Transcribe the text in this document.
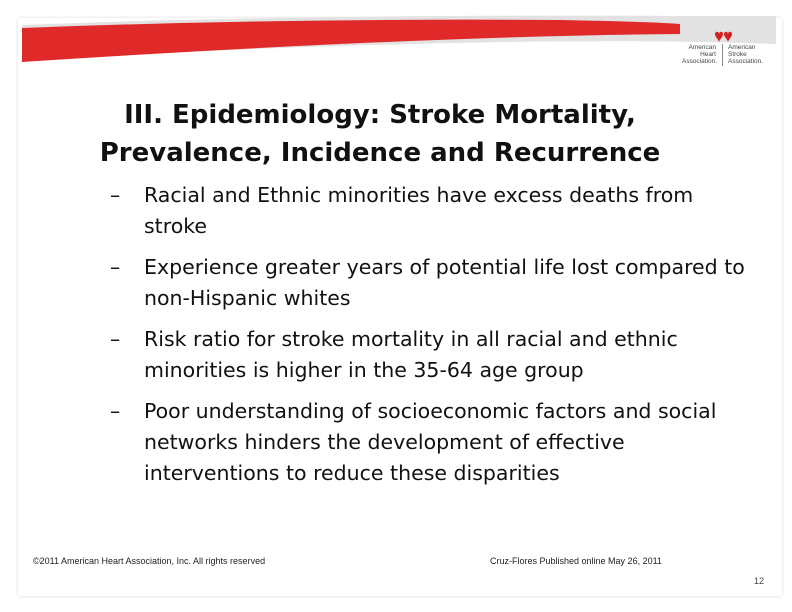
American
Heart
Association.
American
Stroke
Association.
III. Epidemiology: Stroke Mortality, Prevalence, Incidence and Recurrence
– Racial and Ethnic minorities have excess deaths from stroke
– Experience greater years of potential life lost compared to non-Hispanic whites
– Risk ratio for stroke mortality in all racial and ethnic minorities is higher in the 35-64 age group
– Poor understanding of socioeconomic factors and social networks hinders the development of effective interventions to reduce these disparities
©2011 American Heart Association, Inc. All rights reserved	Cruz-Flores Published online May 26, 2011
12
